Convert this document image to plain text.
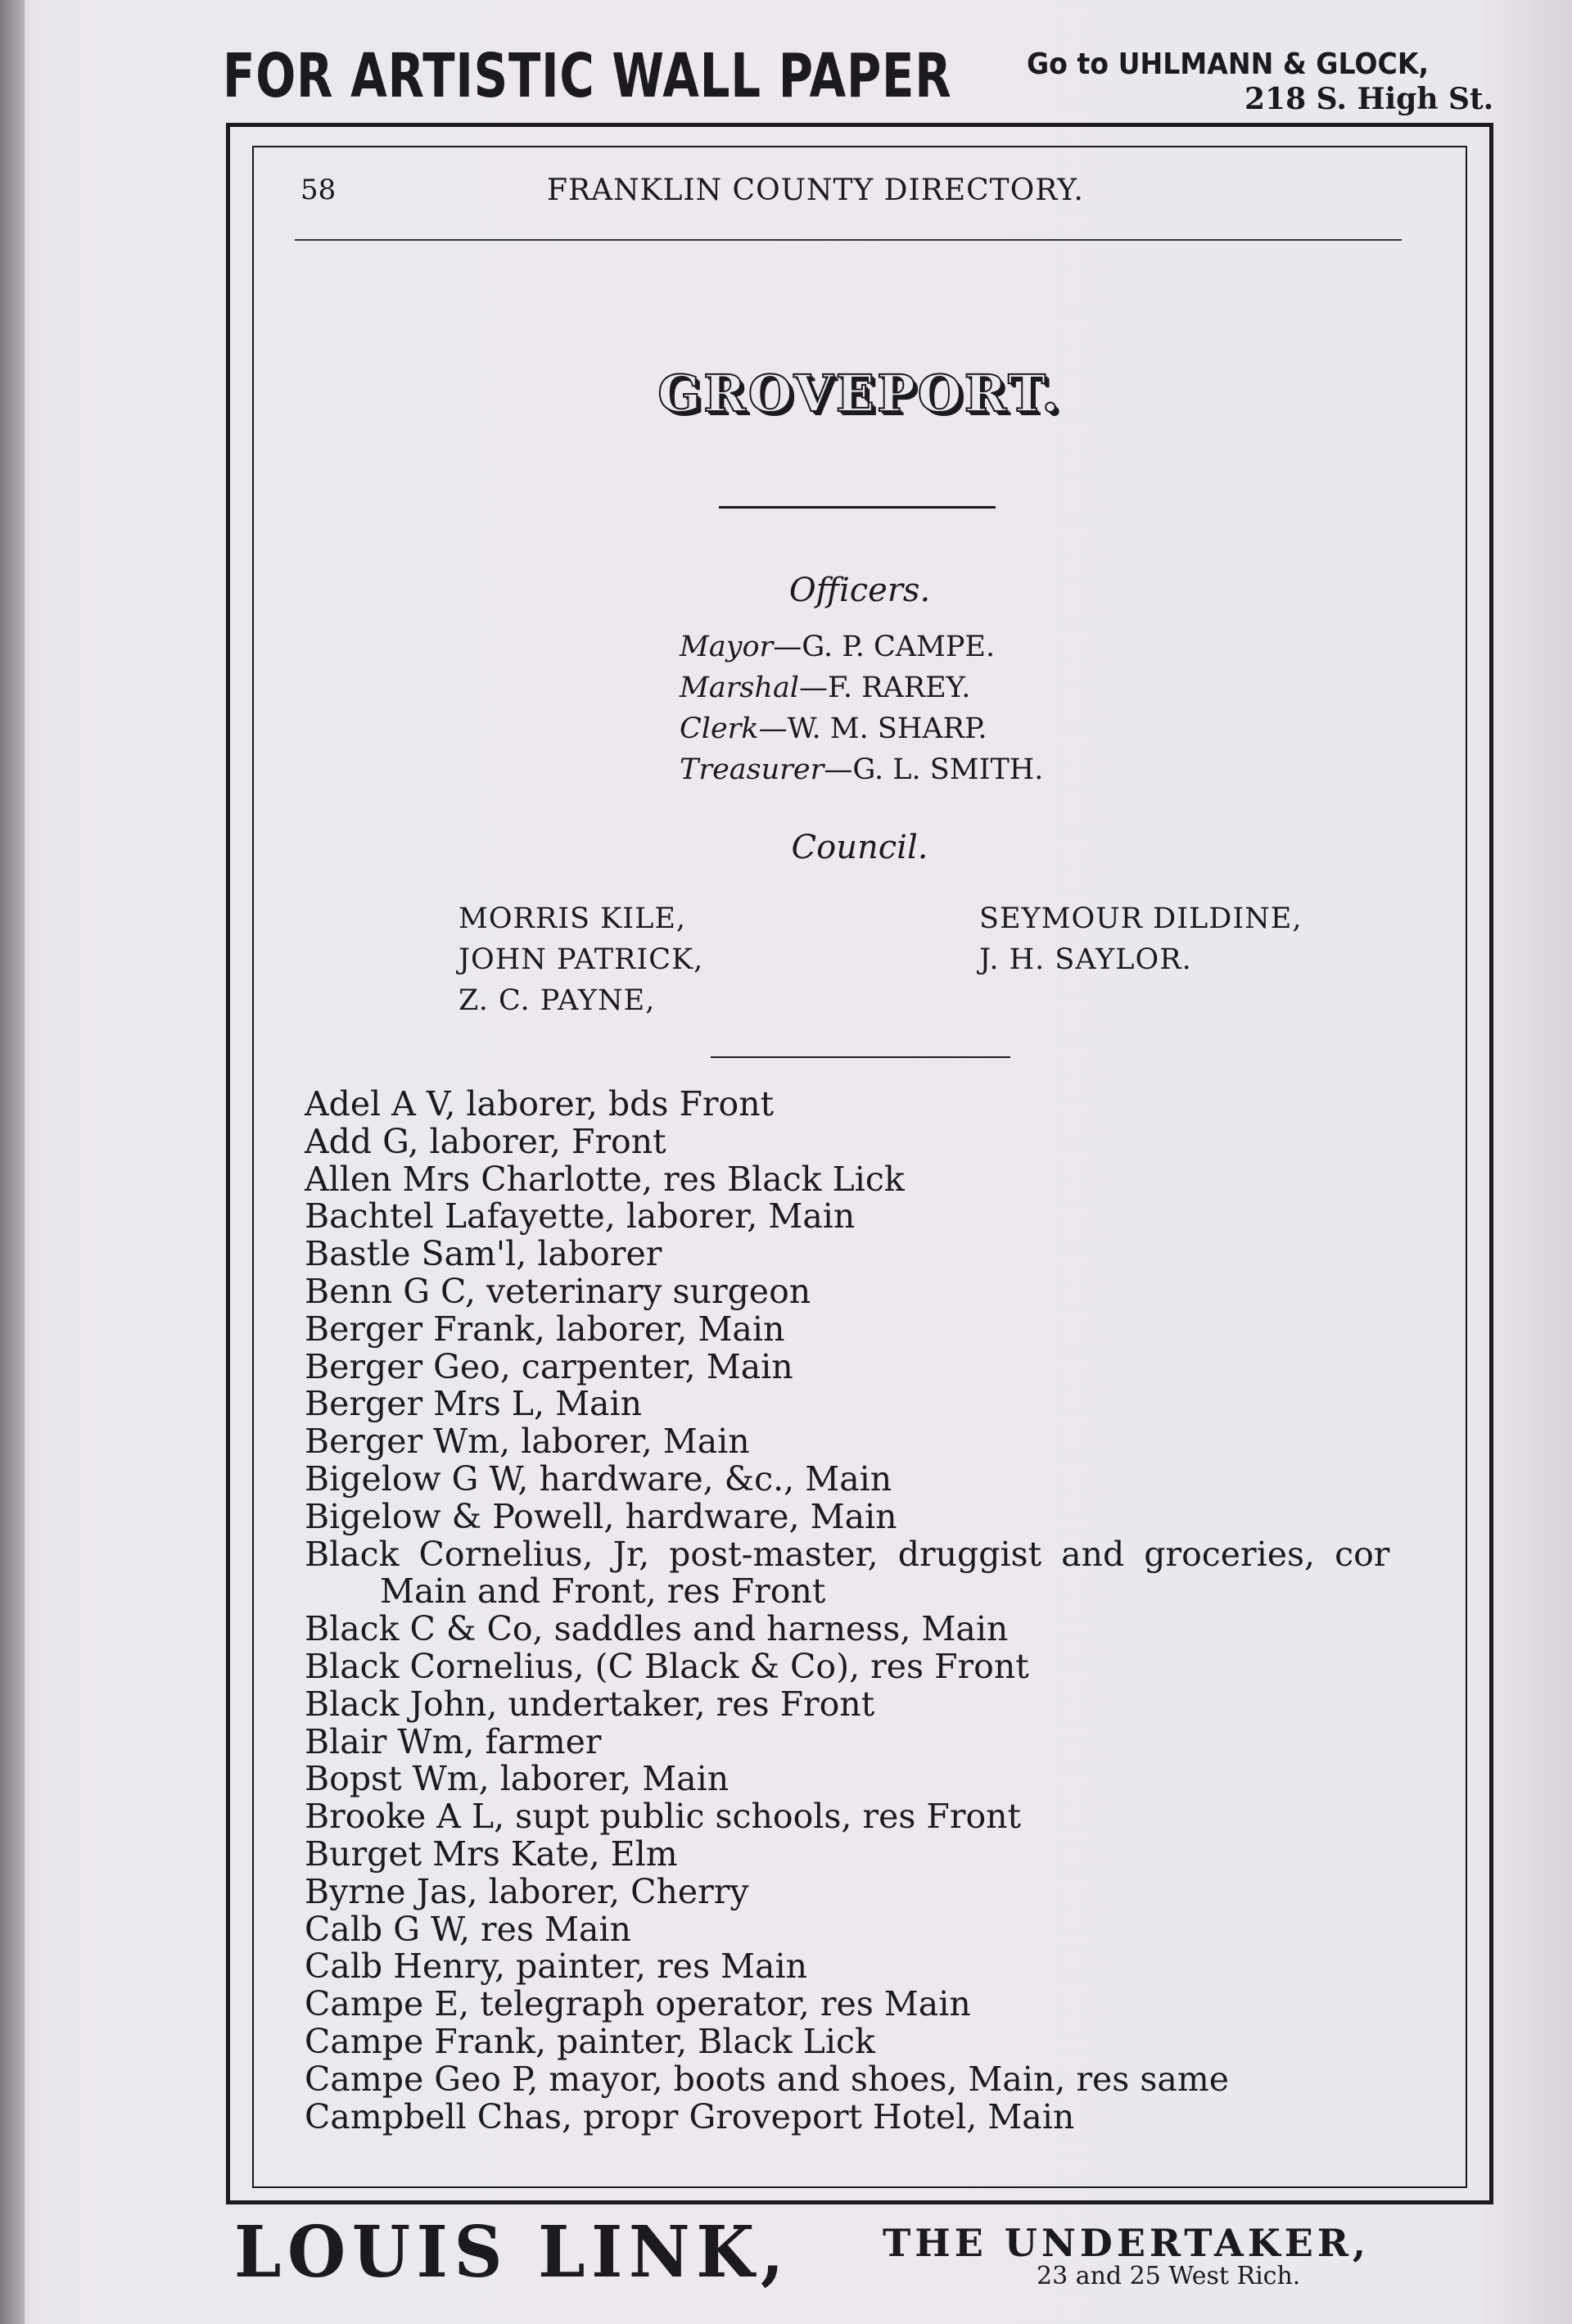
FOR ARTISTIC WALL PAPER	Go to UHLMANN & GLOCK,
218 S. High St.
58	FRANKLIN COUNTY DIRECTORY.
GROVEPORT.
Officers.
Mayor—G. P. CAMPE.
Marshal—F. RAREY.
Clerk—W. M. SHARP.
Treasurer—G. L. SMITH.
Council.
MORRIS KILE,
JOHN PATRICK,
Z. C. PAYNE,
SEYMOUR DILDINE,
J. H. SAYLOR.
Adel A V, laborer, bds Front
Add G, laborer, Front
Allen Mrs Charlotte, res Black Lick
Bachtel Lafayette, laborer, Main
Bastle Sam'l, laborer
Benn G C, veterinary surgeon
Berger Frank, laborer, Main
Berger Geo, carpenter, Main
Berger Mrs L, Main
Berger Wm, laborer, Main
Bigelow G W, hardware, &c., Main
Bigelow & Powell, hardware, Main
Black Cornelius, Jr, post-master, druggist and groceries, cor
Main and Front, res Front
Black C & Co, saddles and harness, Main
Black Cornelius, (C Black & Co), res Front
Black John, undertaker, res Front
Blair Wm, farmer
Bopst Wm, laborer, Main
Brooke A L, supt public schools, res Front
Burget Mrs Kate, Elm
Byrne Jas, laborer, Cherry
Calb G W, res Main
Calb Henry, painter, res Main
Campe E, telegraph operator, res Main
Campe Frank, painter, Black Lick
Campe Geo P, mayor, boots and shoes, Main, res same
Campbell Chas, propr Groveport Hotel, Main
LOUIS LINK, THE UNDERTAKER,
23 and 25 West Rich.
